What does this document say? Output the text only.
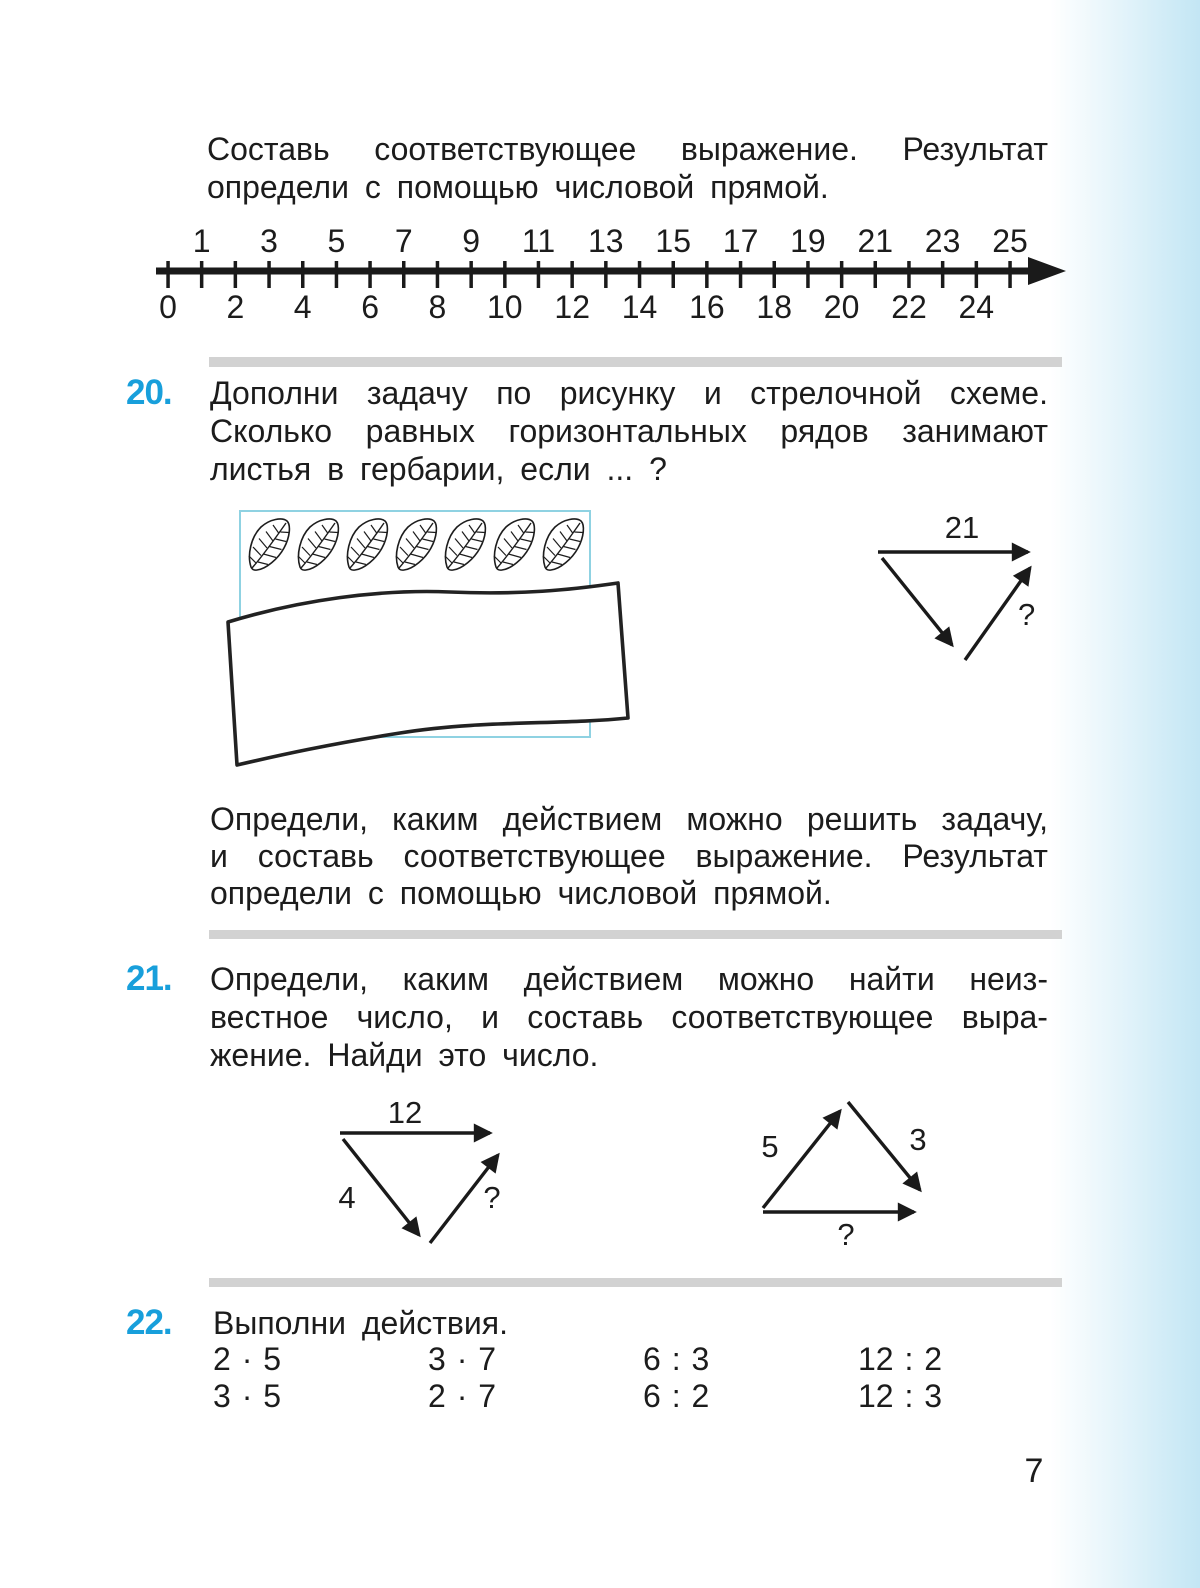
Составь соответствующее выражение. Результат
определи с помощью числовой прямой.
0
1
2
3
4
5
6
7
8
9
10
11
12
13
14
15
16
17
18
19
20
21
22
23
24
25
20.	Дополни задачу по рисунку и стрелочной схеме.
Сколько равных горизонтальных рядов занимают
листья в гербарии, если ... ?
21
?
Определи, каким действием можно решить задачу,
и составь соответствующее выражение. Результат
определи с помощью числовой прямой.
21.	Определи, каким действием можно найти неиз-
вестное число, и составь соответствующее выра-
жение. Найди это число.
12
4	?
5	3
?
22.	Выполни действия.
2 · 5	3 · 7	6 : 3	12 : 2
3 · 5	2 · 7	6 : 2	12 : 3
7
